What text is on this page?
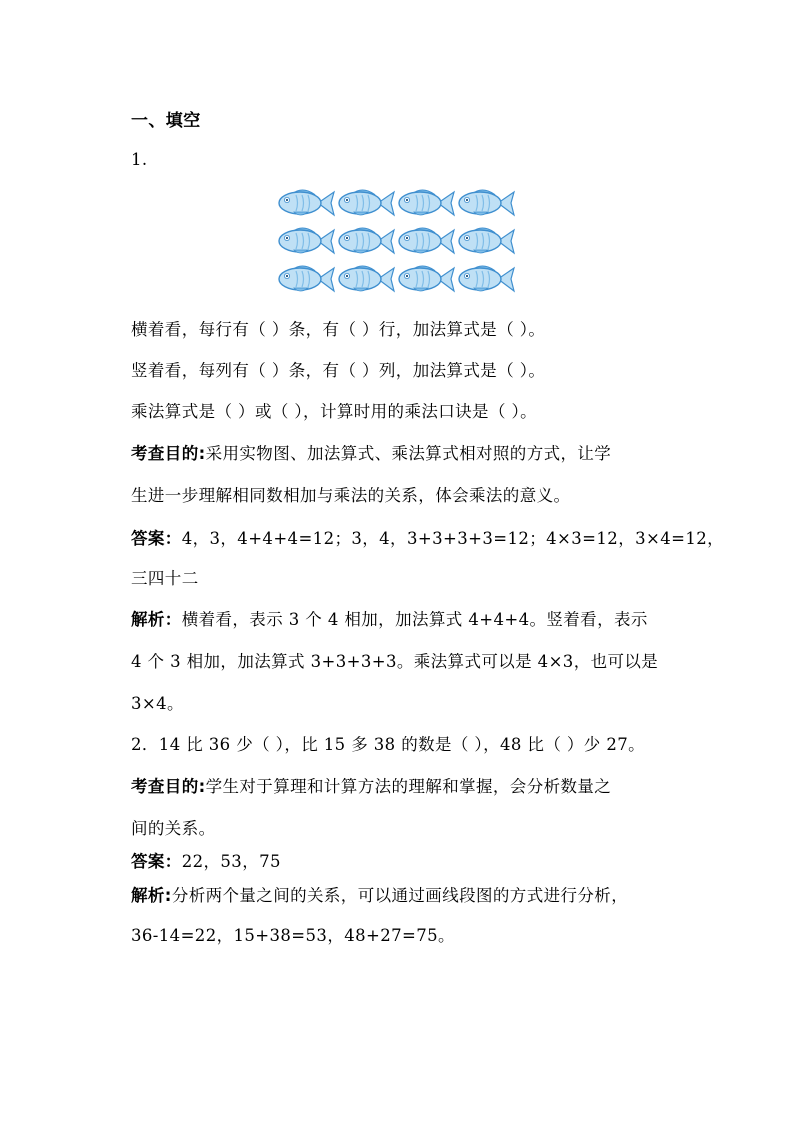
一、填空
1.
横着看，每行有（ ）条，有（ ）行，加法算式是（ ）。
竖着看，每列有（ ）条，有（ ）列，加法算式是（ ）。
乘法算式是（ ）或（ ），计算时用的乘法口诀是（ ）。
考查目的:采用实物图、加法算式、乘法算式相对照的方式，让学
生进一步理解相同数相加与乘法的关系，体会乘法的意义。
答案：4，3，4+4+4=12；3，4，3+3+3+3=12；4×3=12，3×4=12，
三四十二
解析：横着看，表示 3 个 4 相加，加法算式 4+4+4。竖着看，表示
4 个 3 相加，加法算式 3+3+3+3。乘法算式可以是 4×3，也可以是
3×4。
2．14 比 36 少（ ），比 15 多 38 的数是（ ），48 比（ ）少 27。
考查目的:学生对于算理和计算方法的理解和掌握，会分析数量之
间的关系。
答案：22，53，75
解析:分析两个量之间的关系，可以通过画线段图的方式进行分析，
36-14=22，15+38=53，48+27=75。
